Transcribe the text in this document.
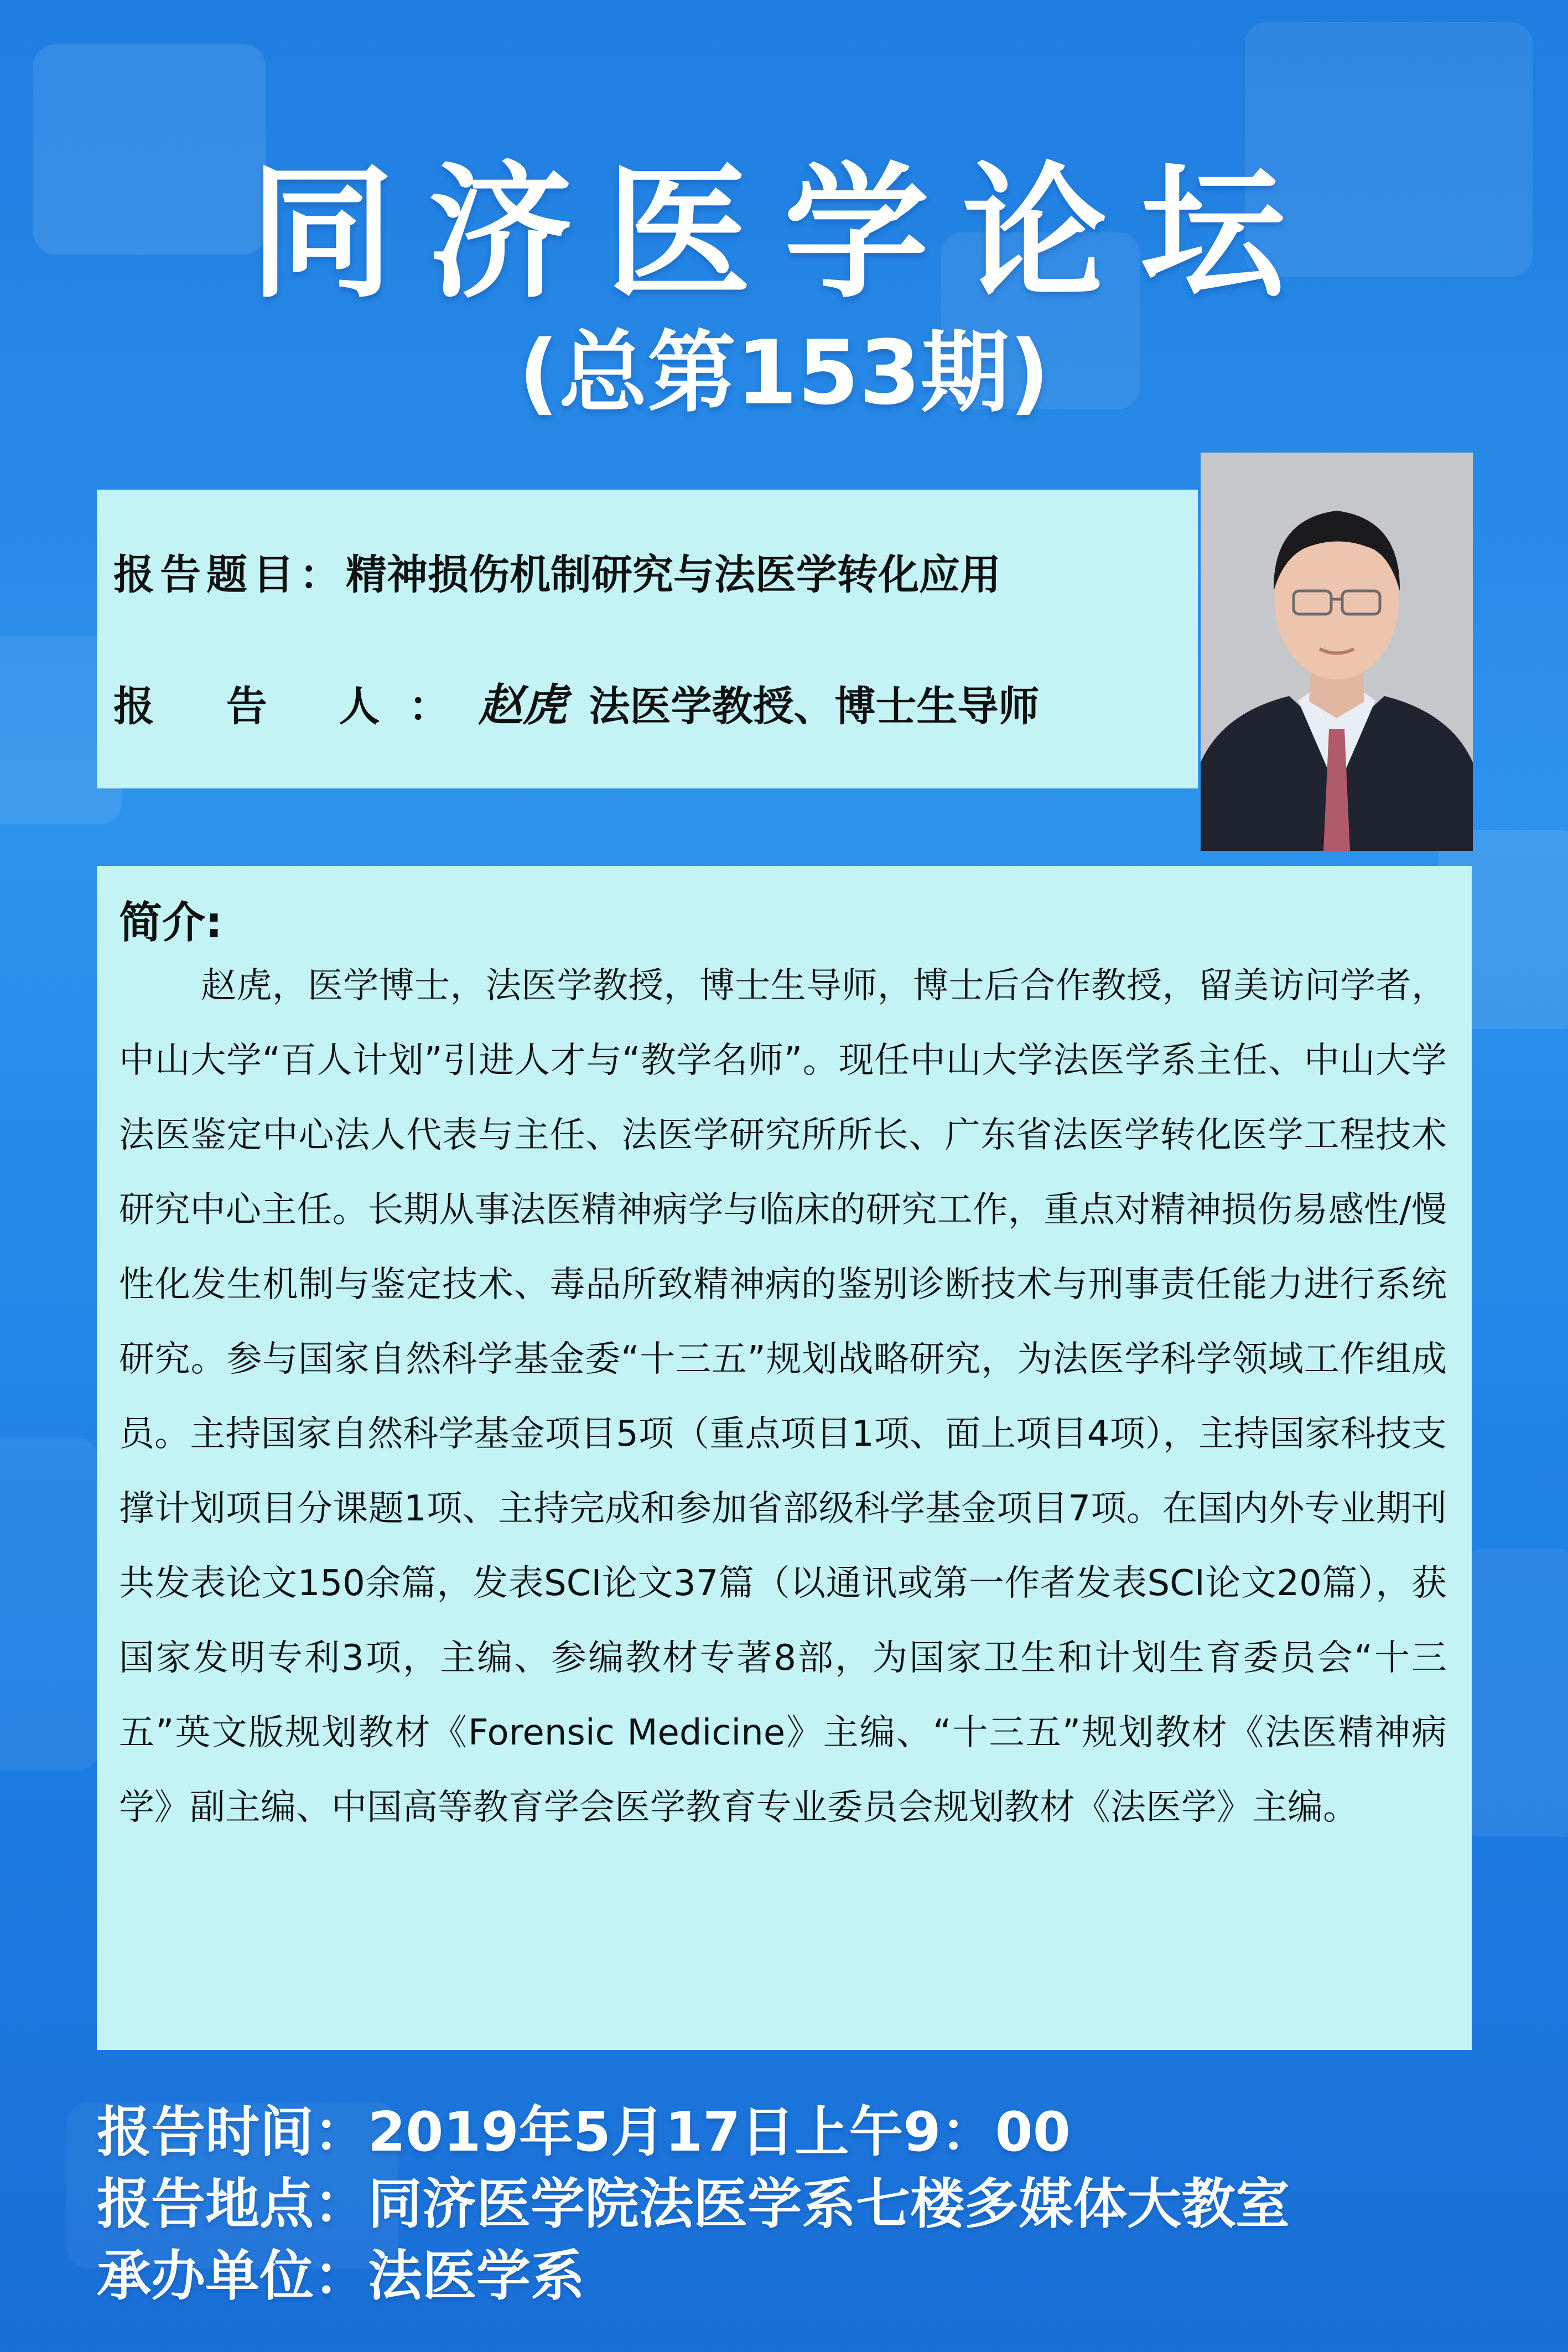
同济医学论坛
(总第153期)
报告题目：精神损伤机制研究与法医学转化应用
报 告 人：赵虎 法医学教授、博士生导师
简介:
赵虎，医学博士，法医学教授，博士生导师，博士后合作教授，留美访问学者，中山大学“百人计划”引进人才与“教学名师”。现任中山大学法医学系主任、中山大学法医鉴定中心法人代表与主任、法医学研究所所长、广东省法医学转化医学工程技术研究中心主任。长期从事法医精神病学与临床的研究工作，重点对精神损伤易感性/慢性化发生机制与鉴定技术、毒品所致精神病的鉴别诊断技术与刑事责任能力进行系统研究。参与国家自然科学基金委“十三五”规划战略研究，为法医学科学领域工作组成员。主持国家自然科学基金项目5项（重点项目1项、面上项目4项），主持国家科技支撑计划项目分课题1项、主持完成和参加省部级科学基金项目7项。在国内外专业期刊共发表论文150余篇，发表SCI论文37篇（以通讯或第一作者发表SCI论文20篇），获国家发明专利3项，主编、参编教材专著8部，为国家卫生和计划生育委员会“十三五”英文版规划教材《Forensic Medicine》主编、“十三五”规划教材《法医精神病学》副主编、中国高等教育学会医学教育专业委员会规划教材《法医学》主编。
报告时间：2019年5月17日上午9：00
报告地点：同济医学院法医学系七楼多媒体大教室
承办单位：法医学系
